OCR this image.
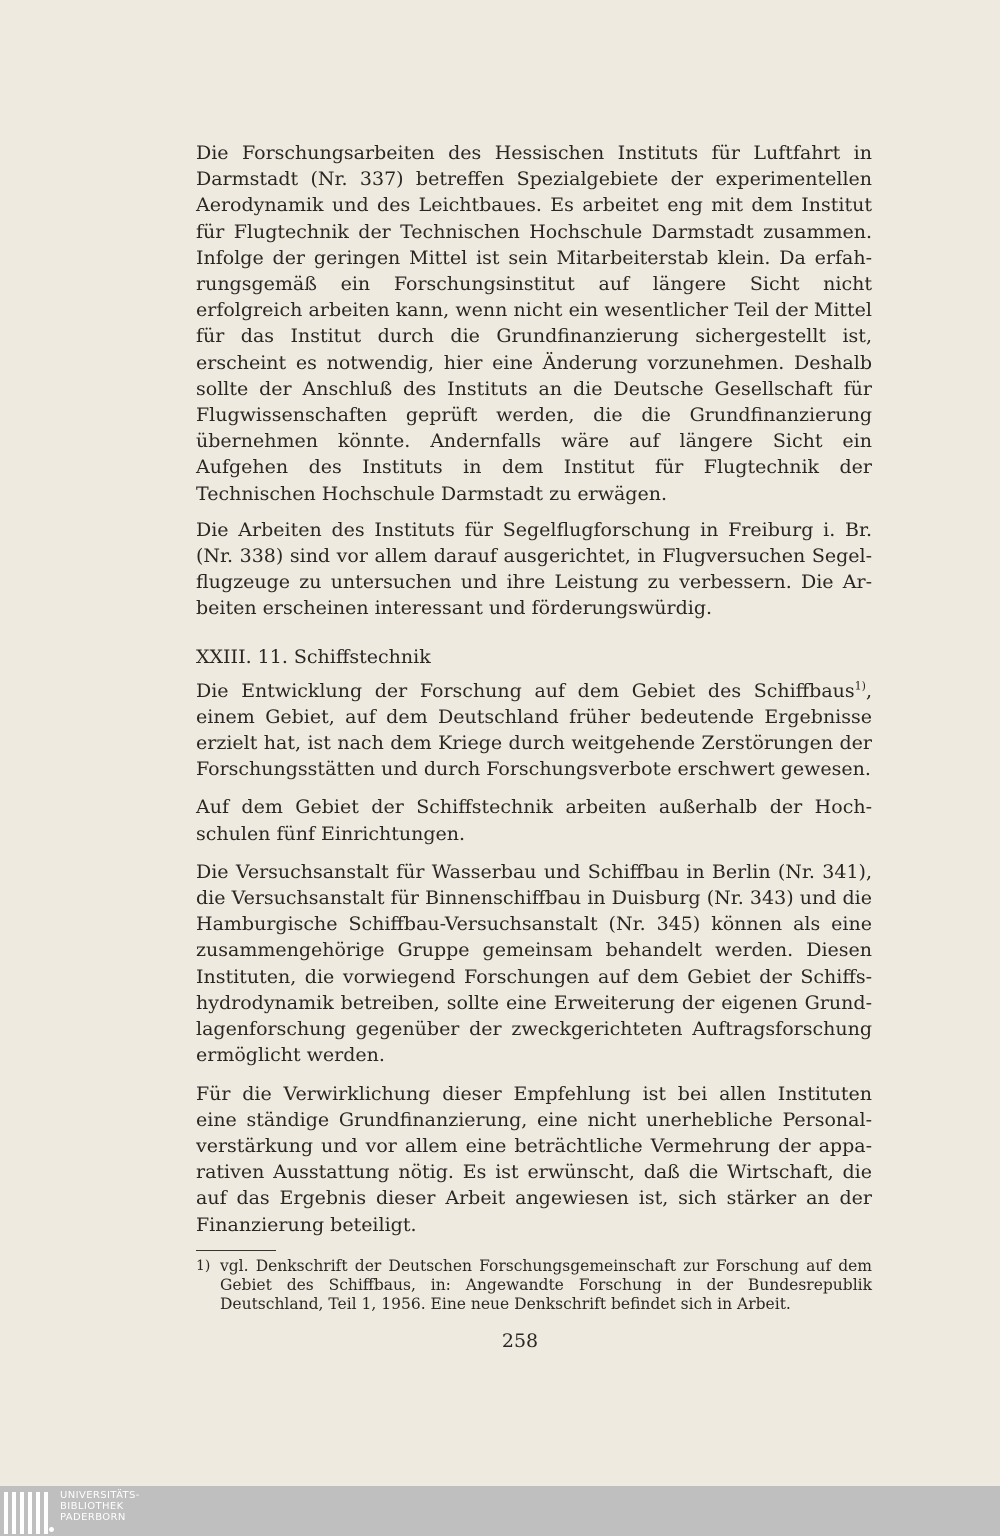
Die Forschungsarbeiten des Hessischen Instituts für Luftfahrt in Darmstadt (Nr. 337) betreffen Spezialgebiete der experimentellen Aerodynamik und des Leichtbaues. Es arbeitet eng mit dem Institut für Flugtechnik der Technischen Hochschule Darmstadt zusammen. Infolge der geringen Mittel ist sein Mitarbeiterstab klein. Da erfahrungsgemäß ein Forschungsinstitut auf längere Sicht nicht erfolgreich arbeiten kann, wenn nicht ein wesentlicher Teil der Mittel für das Institut durch die Grundfinanzierung sichergestellt ist, erscheint es notwendig, hier eine Änderung vorzunehmen. Deshalb sollte der Anschluß des Instituts an die Deutsche Gesellschaft für Flugwissenschaften geprüft werden, die die Grundfinanzierung übernehmen könnte. Andernfalls wäre auf längere Sicht ein Aufgehen des Instituts in dem Institut für Flugtechnik der Technischen Hochschule Darmstadt zu erwägen.

Die Arbeiten des Instituts für Segelflugforschung in Freiburg i. Br. (Nr. 338) sind vor allem darauf ausgerichtet, in Flugversuchen Segelflugzeuge zu untersuchen und ihre Leistung zu verbessern. Die Arbeiten erscheinen interessant und förderungswürdig.

XXIII. 11. Schiffstechnik

Die Entwicklung der Forschung auf dem Gebiet des Schiffbaus$^{1)}$, einem Gebiet, auf dem Deutschland früher bedeutende Ergebnisse erzielt hat, ist nach dem Kriege durch weitgehende Zerstörungen der Forschungsstätten und durch Forschungsverbote erschwert gewesen.

Auf dem Gebiet der Schiffstechnik arbeiten außerhalb der Hochschulen fünf Einrichtungen.

Die Versuchsanstalt für Wasserbau und Schiffbau in Berlin (Nr. 341), die Versuchsanstalt für Binnenschiffbau in Duisburg (Nr. 343) und die Hamburgische Schiffbau-Versuchsanstalt (Nr. 345) können als eine zusammengehörige Gruppe gemeinsam behandelt werden. Diesen Instituten, die vorwiegend Forschungen auf dem Gebiet der Schiffshydrodynamik betreiben, sollte eine Erweiterung der eigenen Grundlagenforschung gegenüber der zweckgerichteten Auftragsforschung ermöglicht werden.

Für die Verwirklichung dieser Empfehlung ist bei allen Instituten eine ständige Grundfinanzierung, eine nicht unerhebliche Personalverstärkung und vor allem eine beträchtliche Vermehrung der apparativen Ausstattung nötig. Es ist erwünscht, daß die Wirtschaft, die auf das Ergebnis dieser Arbeit angewiesen ist, sich stärker an der Finanzierung beteiligt.

1) vgl. Denkschrift der Deutschen Forschungsgemeinschaft zur Forschung auf dem Gebiet des Schiffbaus, in: Angewandte Forschung in der Bundesrepublik Deutschland, Teil 1, 1956. Eine neue Denkschrift befindet sich in Arbeit.
258
UNIVERSITÄTS-
BIBLIOTHEK
PADERBORN
